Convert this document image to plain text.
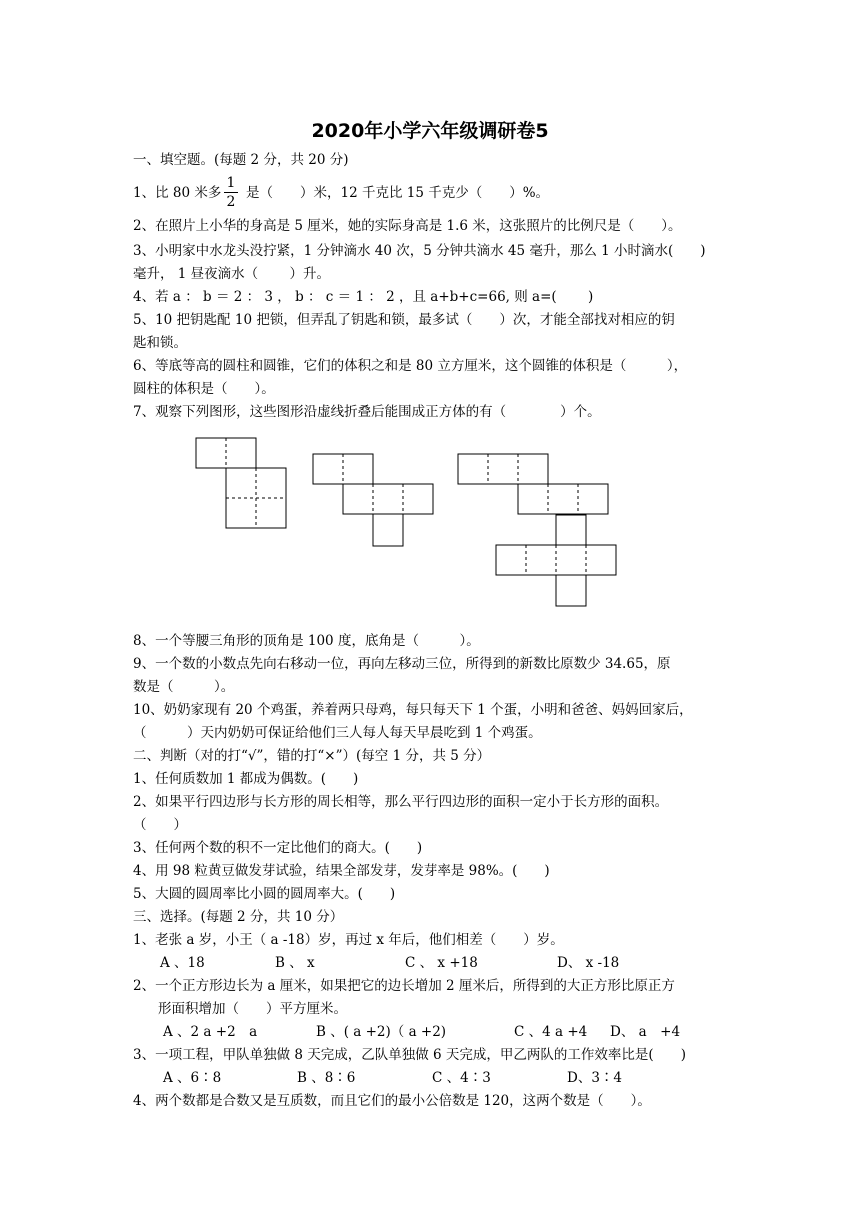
2020年小学六年级调研卷5
一、填空题。(每题 2 分，共 20 分)
1、比 80 米多 $\frac{1}{2}$ 是（　　）米，12 千克比 15 千克少（　　）%。
2、在照片上小华的身高是 5 厘米，她的实际身高是 1.6 米，这张照片的比例尺是（　　）。
3、小明家中水龙头没拧紧，1 分钟滴水 40 次，5 分钟共滴水 45 毫升，那么 1 小时滴水(　　)
毫升， 1 昼夜滴水（　　 ）升。
4、若 a ： b ＝ 2 ： 3 ， b ： c ＝ 1 ： 2 ，且 a+b+c=66, 则 a=(　　 )
5、10 把钥匙配 10 把锁，但弄乱了钥匙和锁，最多试（　　）次，才能全部找对相应的钥
匙和锁。
6、等底等高的圆柱和圆锥，它们的体积之和是 80 立方厘米，这个圆锥的体积是（　　　），
圆柱的体积是（　　）。
7、观察下列图形，这些图形沿虚线折叠后能围成正方体的有（　　　　）个。
8、一个等腰三角形的顶角是 100 度，底角是（　　　）。
9、一个数的小数点先向右移动一位，再向左移动三位，所得到的新数比原数少 34.65，原
数是（　　　）。
10、奶奶家现有 20 个鸡蛋，养着两只母鸡，每只每天下 1 个蛋，小明和爸爸、妈妈回家后，
（　　　）天内奶奶可保证给他们三人每人每天早晨吃到 1 个鸡蛋。
二、判断（对的打“√”，错的打“×”）(每空 1 分，共 5 分）
1、任何质数加 1 都成为偶数。(　　)
2、如果平行四边形与长方形的周长相等，那么平行四边形的面积一定小于长方形的面积。
（　　）
3、任何两个数的积不一定比他们的商大。(　　)
4、用 98 粒黄豆做发芽试验，结果全部发芽，发芽率是 98%。(　　)
5、大圆的圆周率比小圆的圆周率大。(　　)
三、选择。(每题 2 分，共 10 分）
1、老张 a 岁，小王（ a -18）岁，再过 x 年后，他们相差（　　）岁。
A 、18	B 、 x	C 、 x +18	D、 x -18
2、一个正方形边长为 a 厘米，如果把它的边长增加 2 厘米后，所得到的大正方形比原正方
形面积增加（　　）平方厘米。
A 、2 a +2　a	B 、( a +2)（ a +2)	C 、4 a +4 D、 a　+4
3、一项工程，甲队单独做 8 天完成，乙队单独做 6 天完成，甲乙两队的工作效率比是(　　)
A 、6∶8	B 、8∶6	C 、4∶3	D、3∶4
4、两个数都是合数又是互质数，而且它们的最小公倍数是 120，这两个数是（　　）。
